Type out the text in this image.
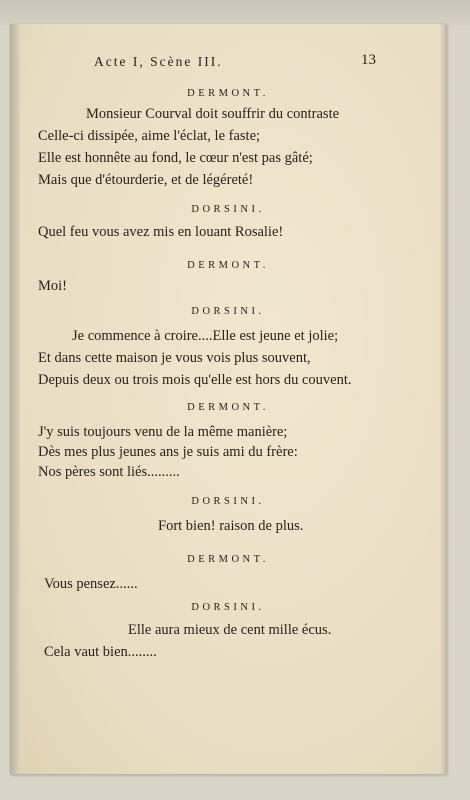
Acte I, Scène III.	13
DERMONT.
Monsieur Courval doit souffrir du contraste
Celle-ci dissipée, aime l'éclat, le faste;
Elle est honnête au fond, le cœur n'est pas gâté;
Mais que d'étourderie, et de légéreté!
DORSINI.
Quel feu vous avez mis en louant Rosalie!
DERMONT.
Moi!
DORSINI.
Je commence à croire....Elle est jeune et jolie;
Et dans cette maison je vous vois plus souvent,
Depuis deux ou trois mois qu'elle est hors du couvent.
DERMONT.
J'y suis toujours venu de la même manière;
Dès mes plus jeunes ans je suis ami du frère:
Nos pères sont liés.........
DORSINI.
Fort bien! raison de plus.
DERMONT.
Vous pensez......
DORSINI.
Elle aura mieux de cent mille écus.
Cela vaut bien........
